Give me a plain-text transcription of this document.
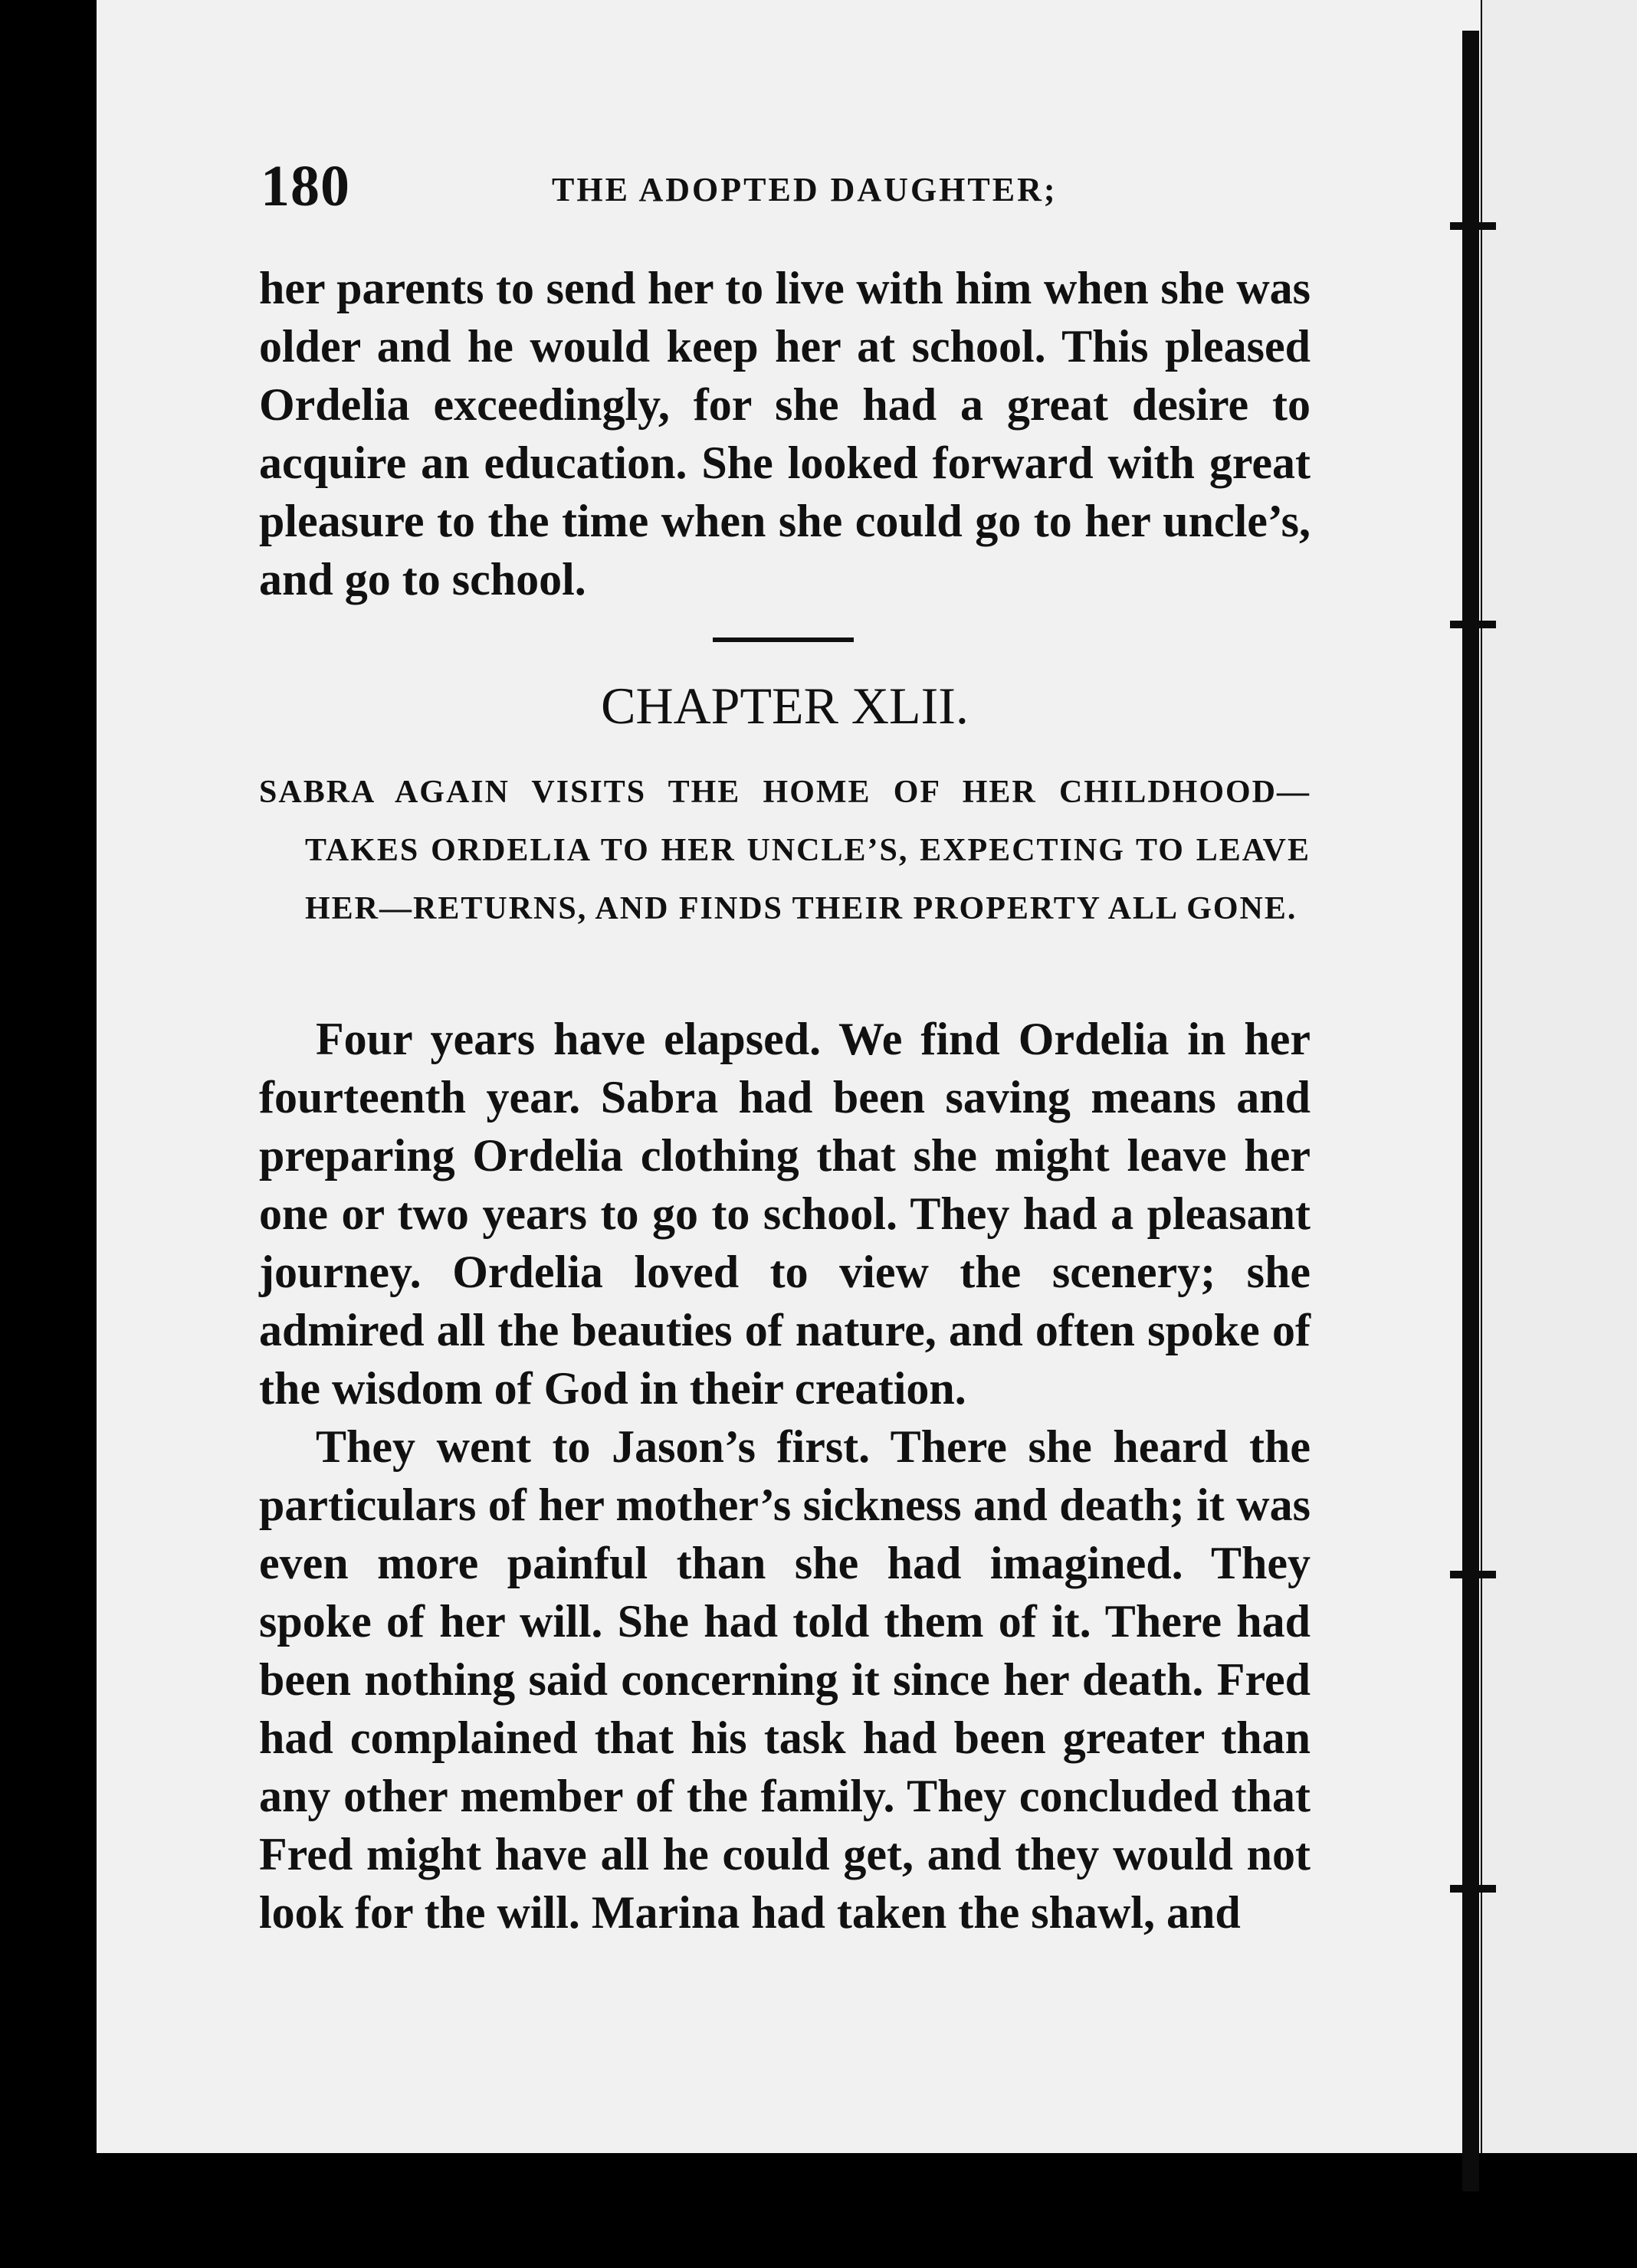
180	THE ADOPTED DAUGHTER;

her parents to send her to live with him when she was older and he would keep her at school. This pleased Ordelia exceedingly, for she had a great desire to acquire an education. She looked forward with great pleasure to the time when she could go to her uncle’s, and go to school.

CHAPTER XLII.

SABRA AGAIN VISITS THE HOME OF HER CHILDHOOD—TAKES ORDELIA TO HER UNCLE’S, EXPECTING TO LEAVE HER—RETURNS, AND FINDS THEIR PROPERTY ALL GONE.

Four years have elapsed. We find Ordelia in her fourteenth year. Sabra had been saving means and preparing Ordelia clothing that she might leave her one or two years to go to school. They had a pleasant journey. Ordelia loved to view the scenery; she admired all the beauties of nature, and often spoke of the wisdom of God in their creation.

They went to Jason’s first. There she heard the particulars of her mother’s sickness and death; it was even more painful than she had imagined. They spoke of her will. She had told them of it. There had been nothing said concerning it since her death. Fred had complained that his task had been greater than any other member of the family. They concluded that Fred might have all he could get, and they would not look for the will. Marina had taken the shawl, and
